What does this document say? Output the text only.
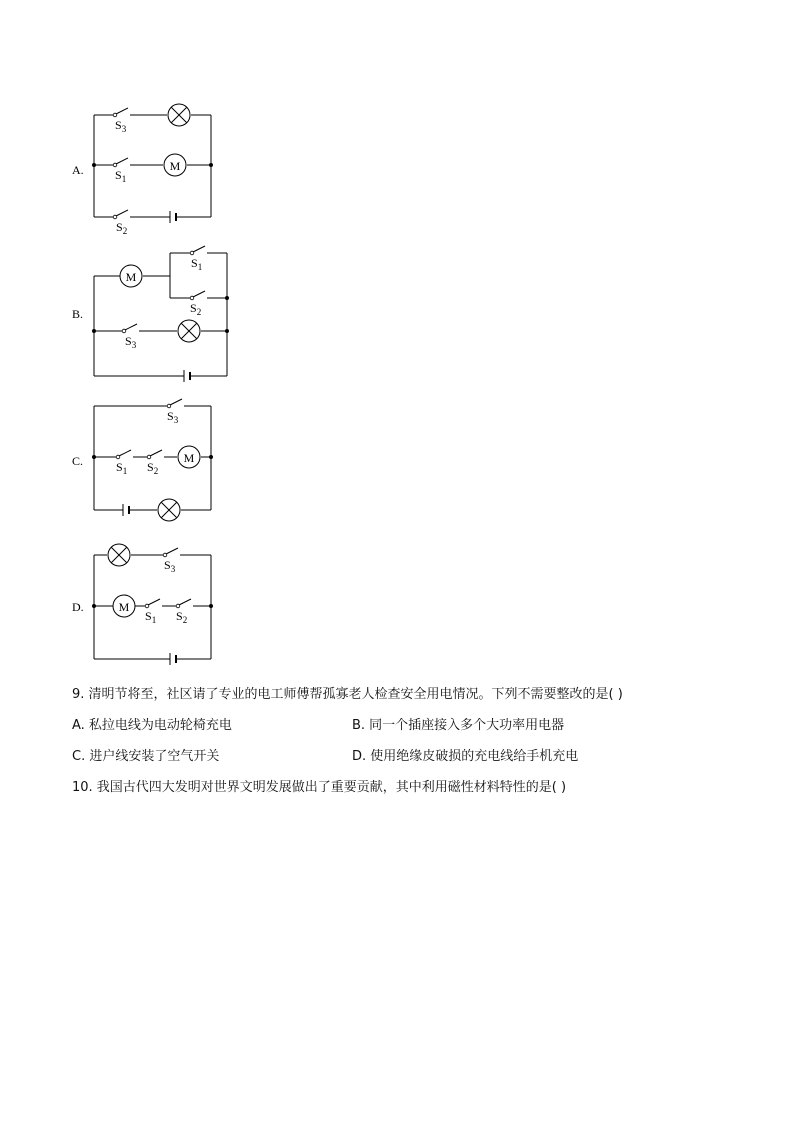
A.	M
$S_3$
$S_1$
$S_2$
B.
M
$S_1$
$S_2$
$S_3$
C.	M
$S_3$
$S_1$ $S_2$
D.	M
$S_3$
$S_1$ $S_2$
9. 清明节将至，社区请了专业的电工师傅帮孤寡老人检查安全用电情况。下列不需要整改的是( )
A. 私拉电线为电动轮椅充电	B. 同一个插座接入多个大功率用电器
C. 进户线安装了空气开关	D. 使用绝缘皮破损的充电线给手机充电
10. 我国古代四大发明对世界文明发展做出了重要贡献，其中利用磁性材料特性的是( )
